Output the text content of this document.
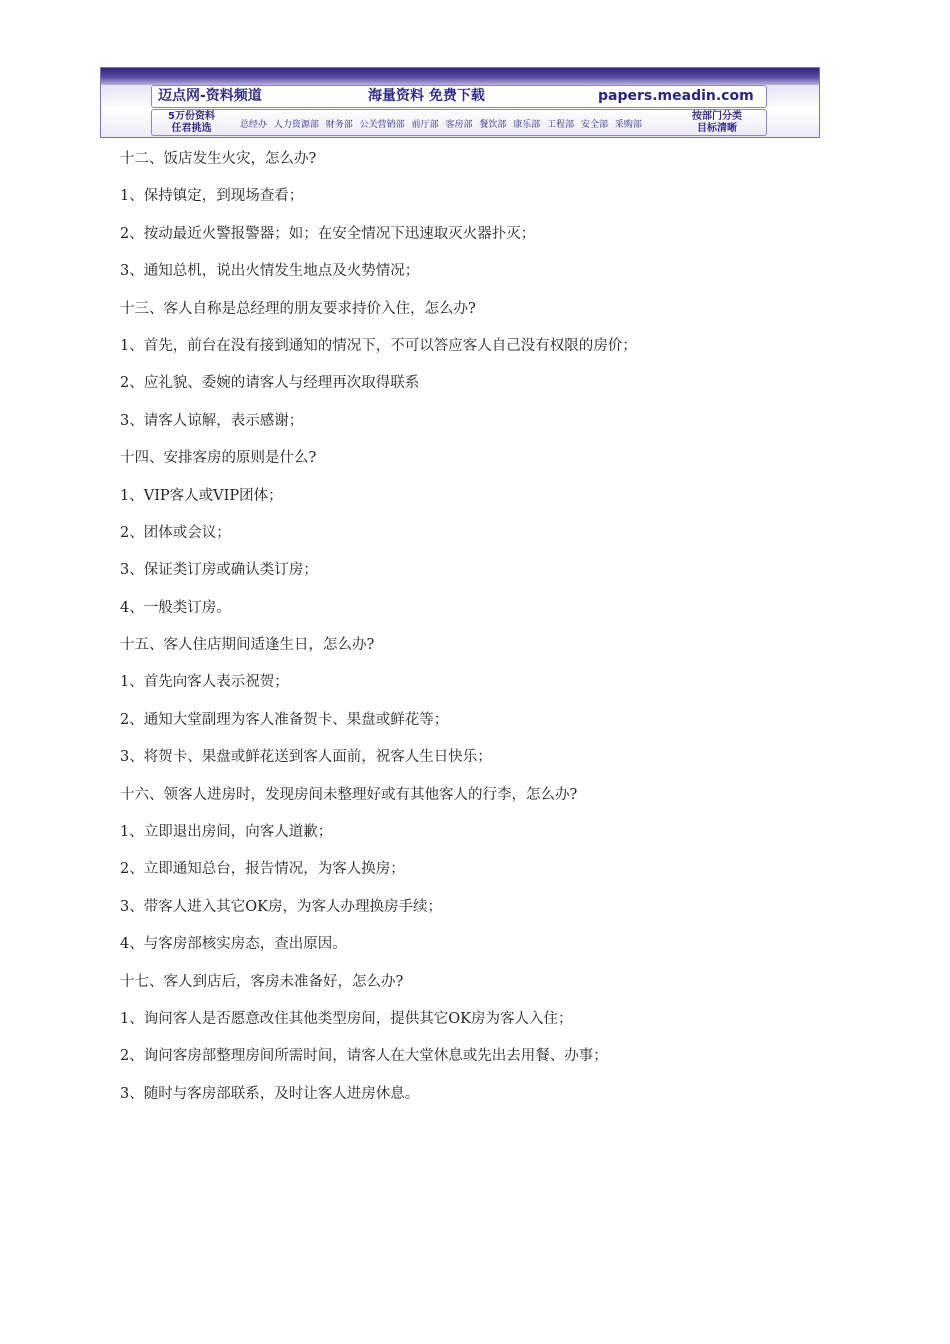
迈点网-资料频道	海量资料 免费下载	papers.meadin.com
5万份资料
任君挑选	总经办 人力资源部 财务部 公关营销部 前厅部 客房部 餐饮部 康乐部 工程部 安全部 采购部
按部门分类
目标清晰
十二、饭店发生火灾，怎么办?
1、保持镇定，到现场查看；
2、按动最近火警报警器；如；在安全情况下迅速取灭火器扑灭；
3、通知总机，说出火情发生地点及火势情况；
十三、客人自称是总经理的朋友要求持价入住，怎么办?
1、首先，前台在没有接到通知的情况下，不可以答应客人自己没有权限的房价；
2、应礼貌、委婉的请客人与经理再次取得联系
3、请客人谅解，表示感谢；
十四、安排客房的原则是什么?
1、VIP客人或VIP团体；
2、团体或会议；
3、保证类订房或确认类订房；
4、一般类订房。
十五、客人住店期间适逢生日，怎么办?
1、首先向客人表示祝贺；
2、通知大堂副理为客人准备贺卡、果盘或鲜花等；
3、将贺卡、果盘或鲜花送到客人面前，祝客人生日快乐；
十六、领客人进房时，发现房间未整理好或有其他客人的行李，怎么办?
1、立即退出房间，向客人道歉；
2、立即通知总台，报告情况，为客人换房；
3、带客人进入其它OK房，为客人办理换房手续；
4、与客房部核实房态，查出原因。
十七、客人到店后，客房未准备好，怎么办?
1、询问客人是否愿意改住其他类型房间，提供其它OK房为客人入住；
2、询问客房部整理房间所需时间，请客人在大堂休息或先出去用餐、办事；
3、随时与客房部联系，及时让客人进房休息。
